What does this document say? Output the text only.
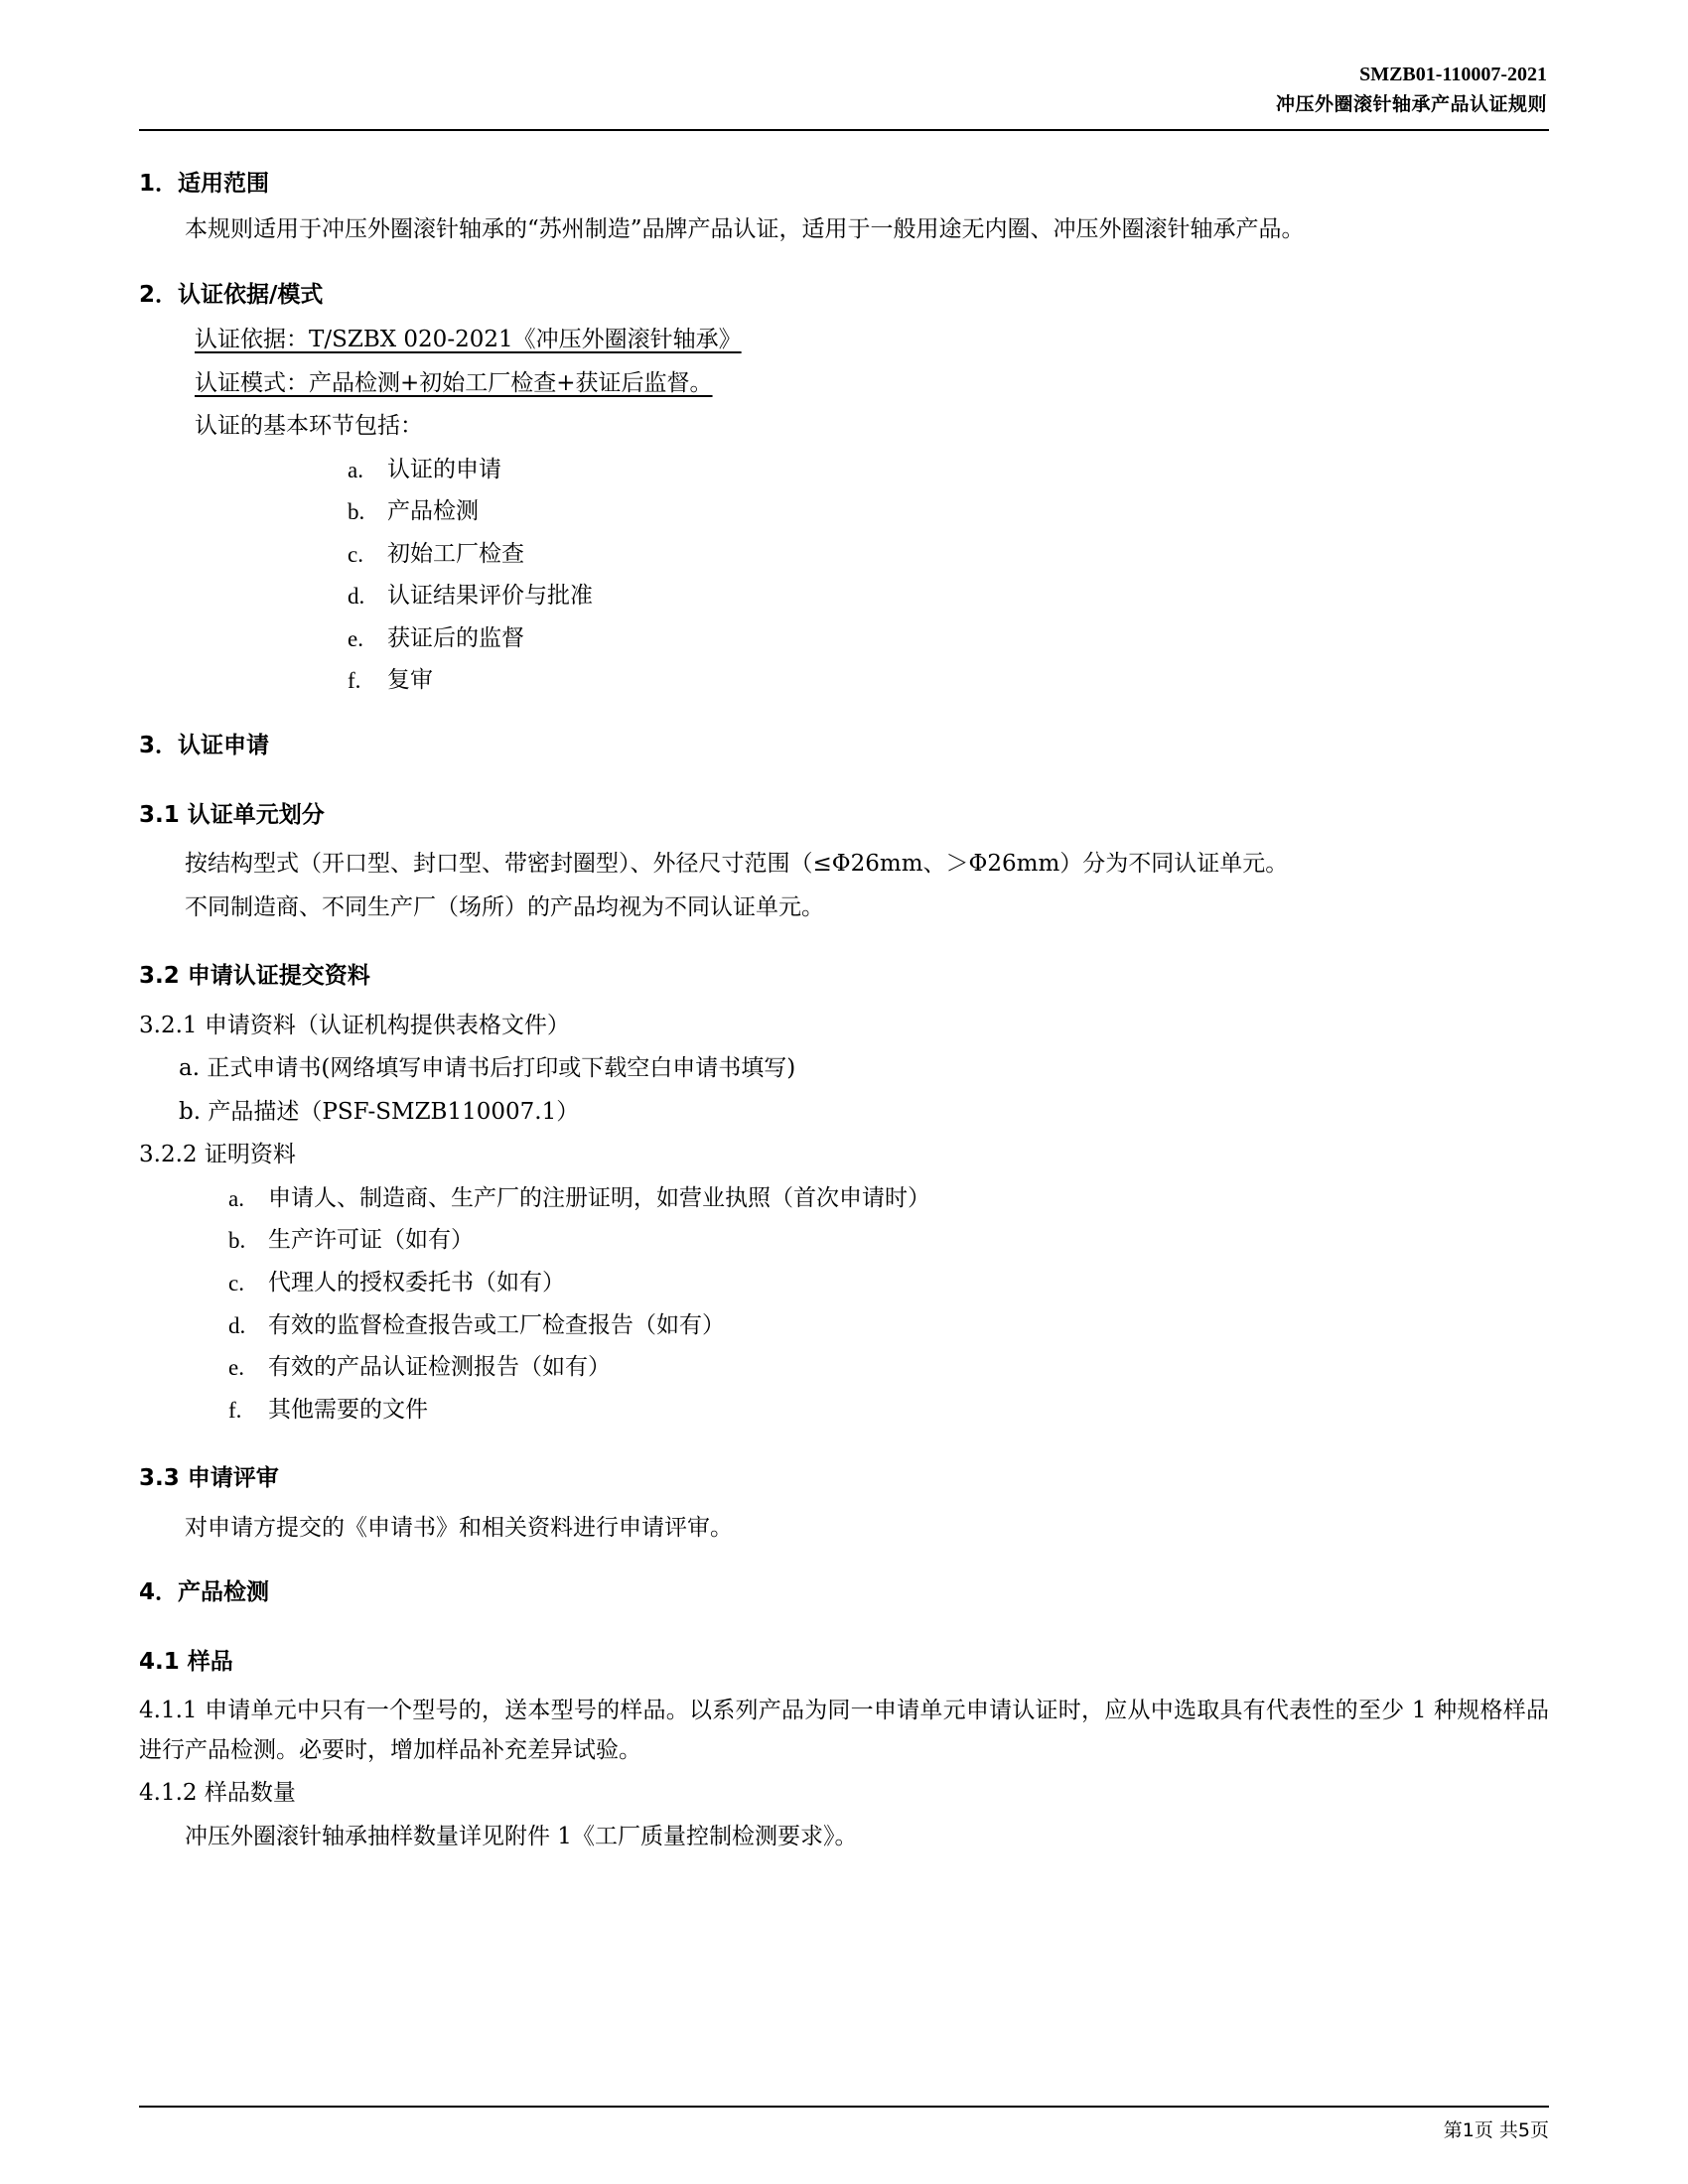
SMZB01-110007-2021
冲压外圈滚针轴承产品认证规则
1．适用范围
本规则适用于冲压外圈滚针轴承的“苏州制造”品牌产品认证，适用于一般用途无内圈、冲压外圈滚针轴承产品。
2．认证依据/模式
认证依据：T/SZBX 020-2021《冲压外圈滚针轴承》
认证模式：产品检测+初始工厂检查+获证后监督。
认证的基本环节包括：
a.	认证的申请
b. 产品检测
c.	初始工厂检查
d. 认证结果评价与批准
e.	获证后的监督
f.	复审
3．认证申请
3.1 认证单元划分
按结构型式（开口型、封口型、带密封圈型）、外径尺寸范围（≤Φ26mm、＞Φ26mm）分为不同认证单元。
不同制造商、不同生产厂（场所）的产品均视为不同认证单元。
3.2 申请认证提交资料
3.2.1 申请资料（认证机构提供表格文件）
a. 正式申请书(网络填写申请书后打印或下载空白申请书填写)
b. 产品描述（PSF-SMZB110007.1）
3.2.2 证明资料
a.	申请人、制造商、生产厂的注册证明，如营业执照（首次申请时）
b. 生产许可证（如有）
c.	代理人的授权委托书（如有）
d. 有效的监督检查报告或工厂检查报告（如有）
e.	有效的产品认证检测报告（如有）
f.	其他需要的文件
3.3 申请评审
对申请方提交的《申请书》和相关资料进行申请评审。
4．产品检测
4.1 样品
4.1.1 申请单元中只有一个型号的，送本型号的样品。以系列产品为同一申请单元申请认证时，应从中选取具有代表性的至少 1 种规格样品进行产品检测。必要时，增加样品补充差异试验。
4.1.2 样品数量
冲压外圈滚针轴承抽样数量详见附件 1《工厂质量控制检测要求》。
第1页 共5页
